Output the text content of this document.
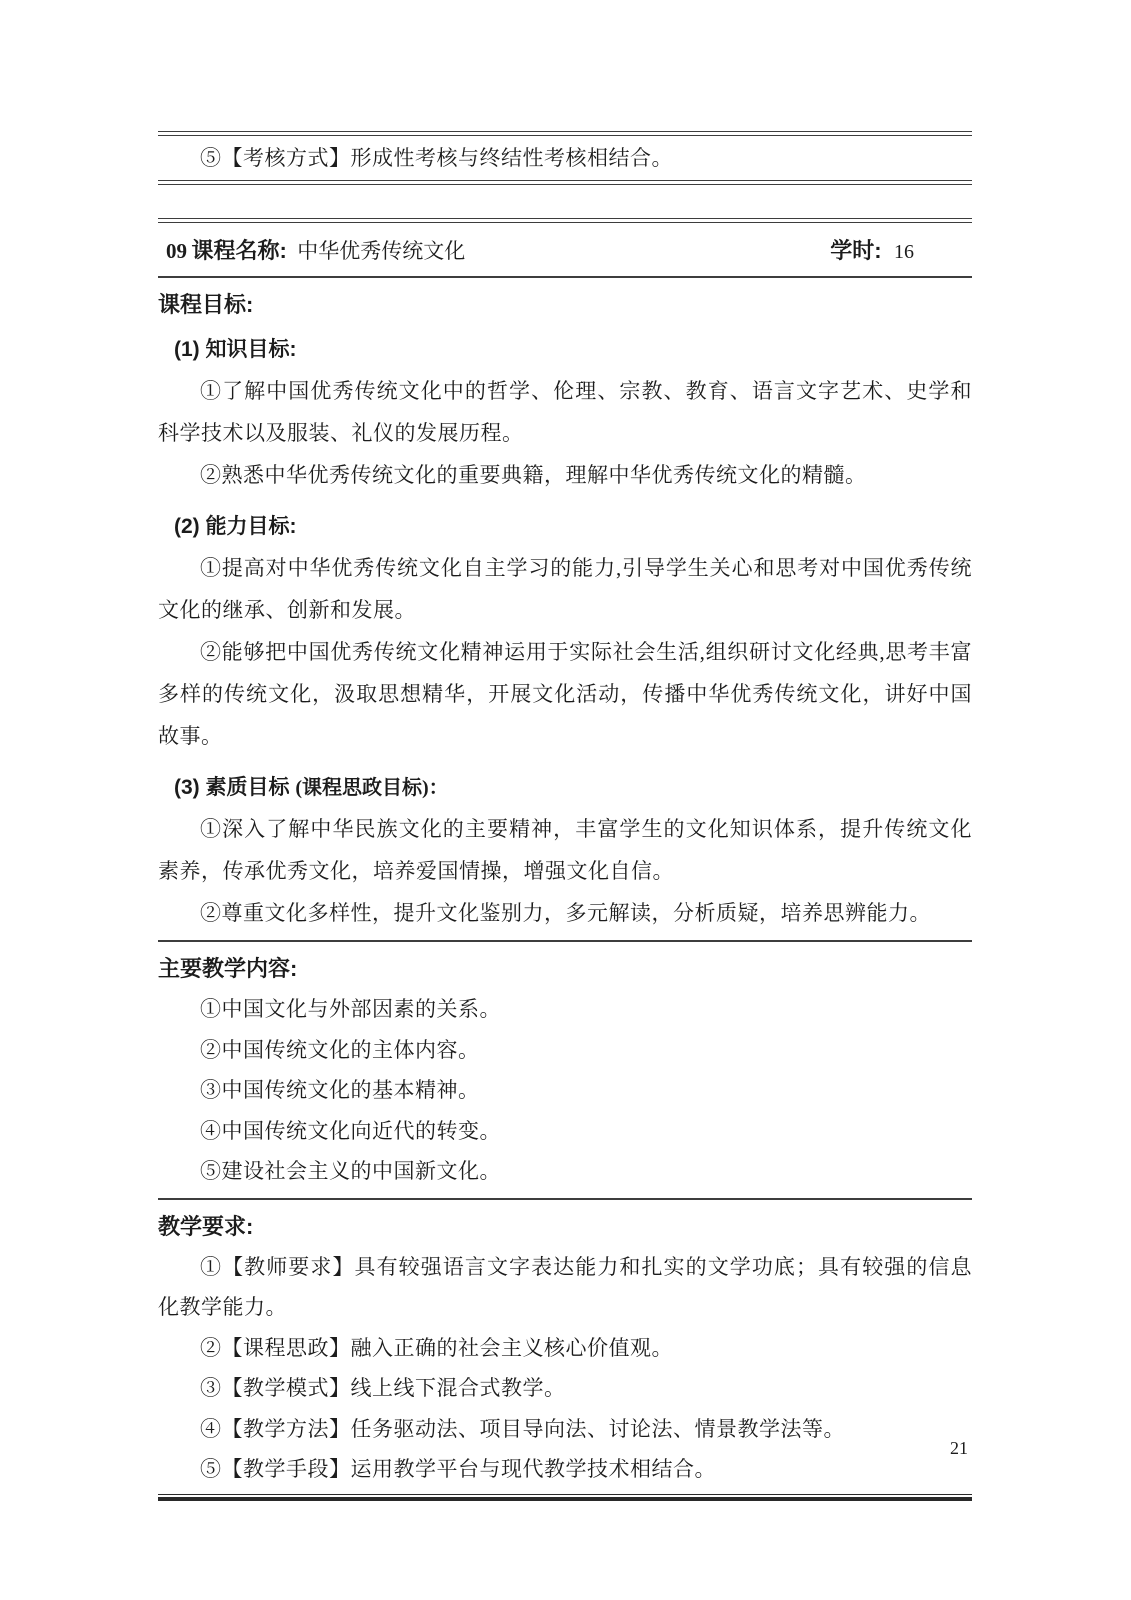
⑤【考核方式】形成性考核与终结性考核相结合。

09 课程名称: 中华优秀传统文化	学时: 16
课程目标:
(1) 知识目标:

①了解中国优秀传统文化中的哲学、伦理、宗教、教育、语言文字艺术、史学和科学技术以及服装、礼仪的发展历程。

②熟悉中华优秀传统文化的重要典籍，理解中华优秀传统文化的精髓。

(2) 能力目标:

①提高对中华优秀传统文化自主学习的能力,引导学生关心和思考对中国优秀传统文化的继承、创新和发展。

②能够把中国优秀传统文化精神运用于实际社会生活,组织研讨文化经典,思考丰富多样的传统文化，汲取思想精华，开展文化活动，传播中华优秀传统文化，讲好中国故事。

(3) 素质目标 (课程思政目标)：

①深入了解中华民族文化的主要精神，丰富学生的文化知识体系，提升传统文化素养，传承优秀文化，培养爱国情操，增强文化自信。

②尊重文化多样性，提升文化鉴别力，多元解读，分析质疑，培养思辨能力。

主要教学内容:

①中国文化与外部因素的关系。

②中国传统文化的主体内容。

③中国传统文化的基本精神。

④中国传统文化向近代的转变。

⑤建设社会主义的中国新文化。

教学要求:

①【教师要求】具有较强语言文字表达能力和扎实的文学功底；具有较强的信息化教学能力。

②【课程思政】融入正确的社会主义核心价值观。

③【教学模式】线上线下混合式教学。

④【教学方法】任务驱动法、项目导向法、讨论法、情景教学法等。

⑤【教学手段】运用教学平台与现代教学技术相结合。

21
